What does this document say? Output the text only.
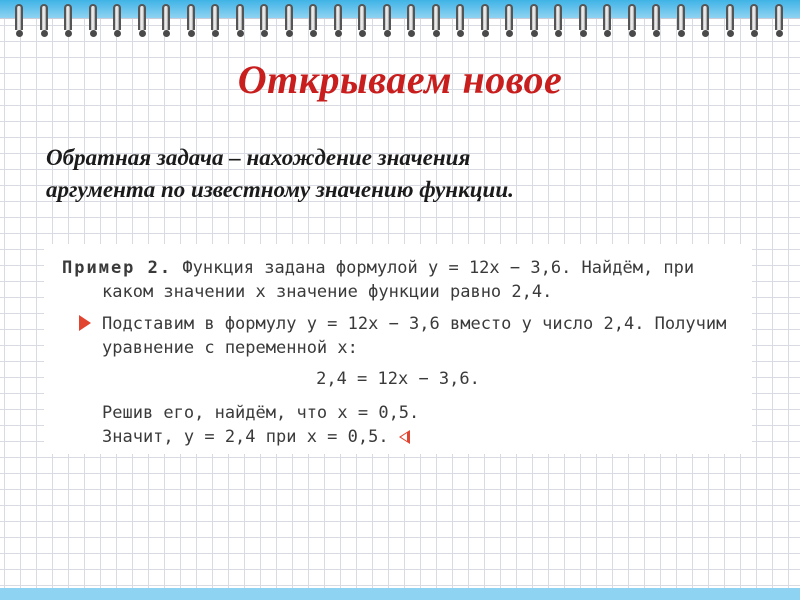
Открываем новое
Обратная задача – нахождение значения
аргумента по известному значению функции.
Пример 2. Функция задана формулой y = 12x − 3,6. Найдём, при
каком значении x значение функции равно 2,4.
Подставим в формулу y = 12x − 3,6 вместо y число 2,4. Получим
уравнение с переменной x:
2,4 = 12x − 3,6.
Решив его, найдём, что x = 0,5.
Значит, y = 2,4 при x = 0,5.
